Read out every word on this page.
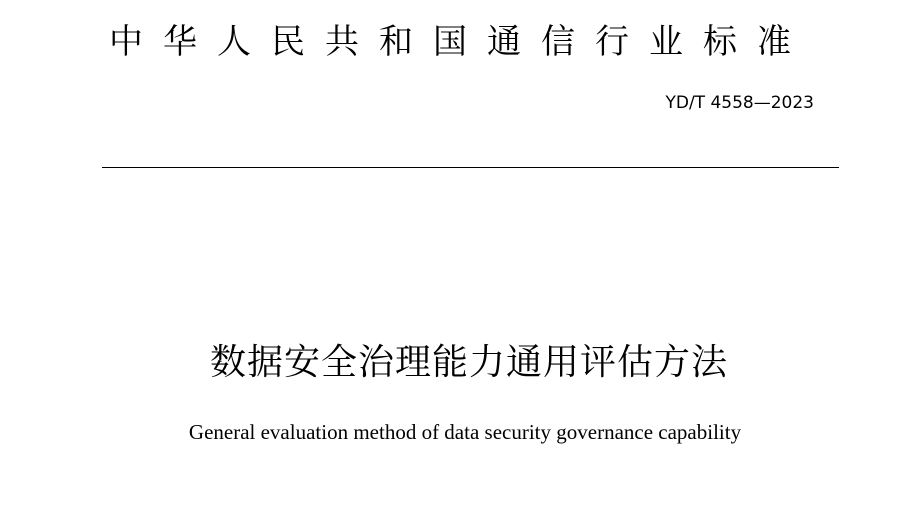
中华人民共和国通信行业标准
YD/T 4558—2023
数据安全治理能力通用评估方法
General evaluation method of data security governance capability
